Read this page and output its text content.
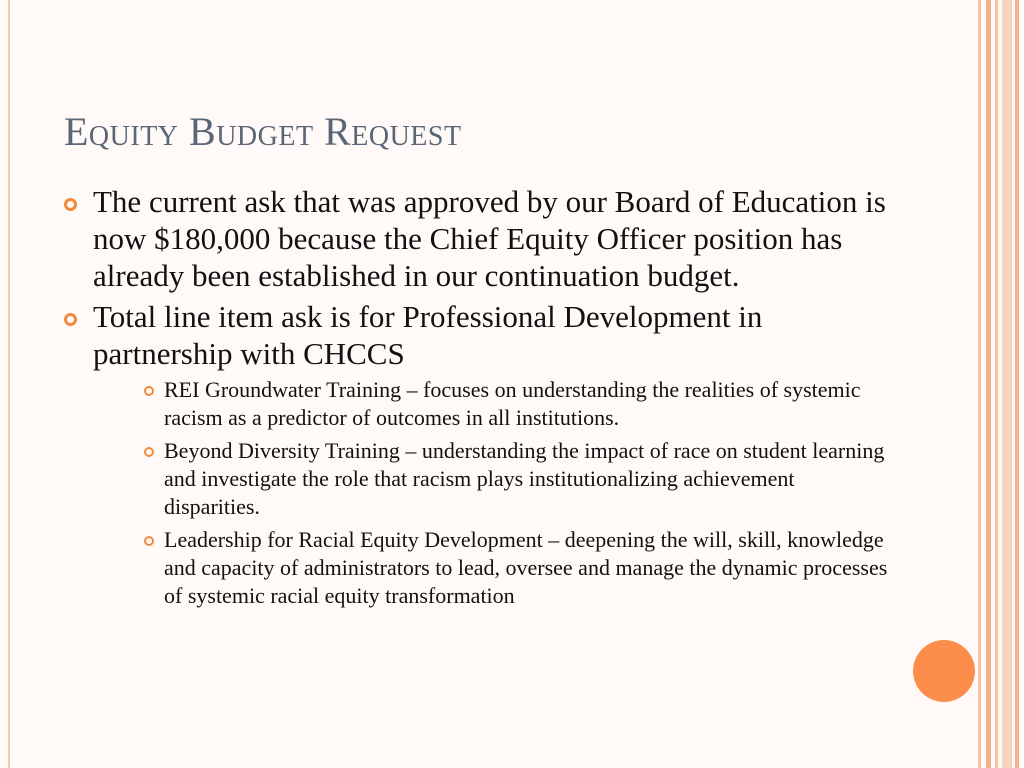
Equity Budget Request
The current ask that was approved by our Board of Education is now $180,000 because the Chief Equity Officer position has already been established in our continuation budget.
Total line item ask is for Professional Development in partnership with CHCCS
REI Groundwater Training – focuses on understanding the realities of systemic racism as a predictor of outcomes in all institutions.
Beyond Diversity Training – understanding the impact of race on student learning and investigate the role that racism plays institutionalizing achievement disparities.
Leadership for Racial Equity Development – deepening the will, skill, knowledge and capacity of administrators to lead, oversee and manage the dynamic processes of systemic racial equity transformation
